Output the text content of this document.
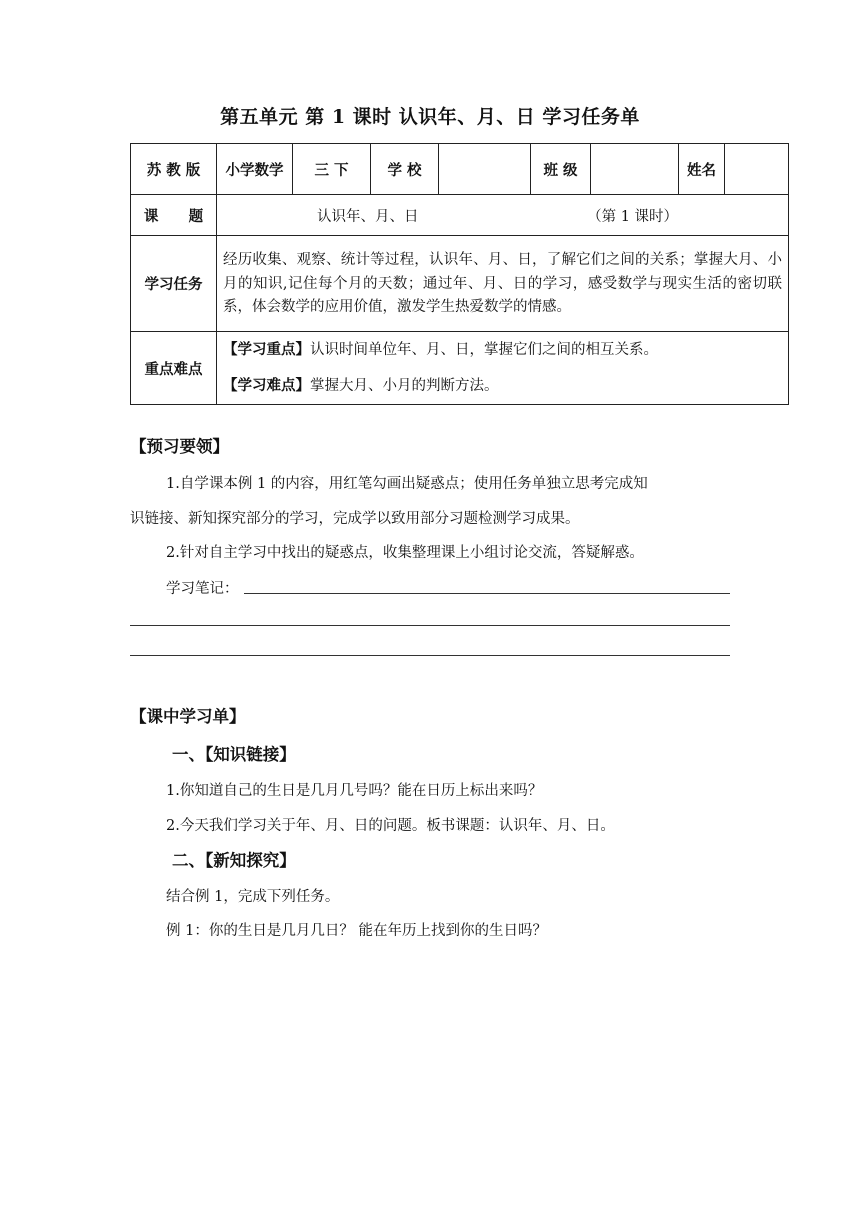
第五单元 第 1 课时 认识年、月、日 学习任务单
苏 教 版	小学数学	三 下	学 校		班 级		姓名	
课      题	认识年、月、日 （第 1 课时）							
学习任务	经历收集、观察、统计等过程，认识年、月、日，了解它们之间的关系；掌握大月、小月的知识,记住每个月的天数；通过年、月、日的学习，感受数学与现实生活的密切联系，体会数学的应用价值，激发学生热爱数学的情感。							
重点难点	【学习重点】认识时间单位年、月、日，掌握它们之间的相互关系。

【学习难点】掌握大月、小月的判断方法。							

【预习要领】
1.自学课本例 1 的内容，用红笔勾画出疑惑点；使用任务单独立思考完成知
识链接、新知探究部分的学习，完成学以致用部分习题检测学习成果。
2.针对自主学习中找出的疑惑点，收集整理课上小组讨论交流，答疑解惑。
学习笔记：
【课中学习单】
一、【知识链接】
1.你知道自己的生日是几月几号吗？能在日历上标出来吗？
2.今天我们学习关于年、月、日的问题。板书课题：认识年、月、日。
二、【新知探究】
结合例 1，完成下列任务。
例 1：你的生日是几月几日？ 能在年历上找到你的生日吗？
